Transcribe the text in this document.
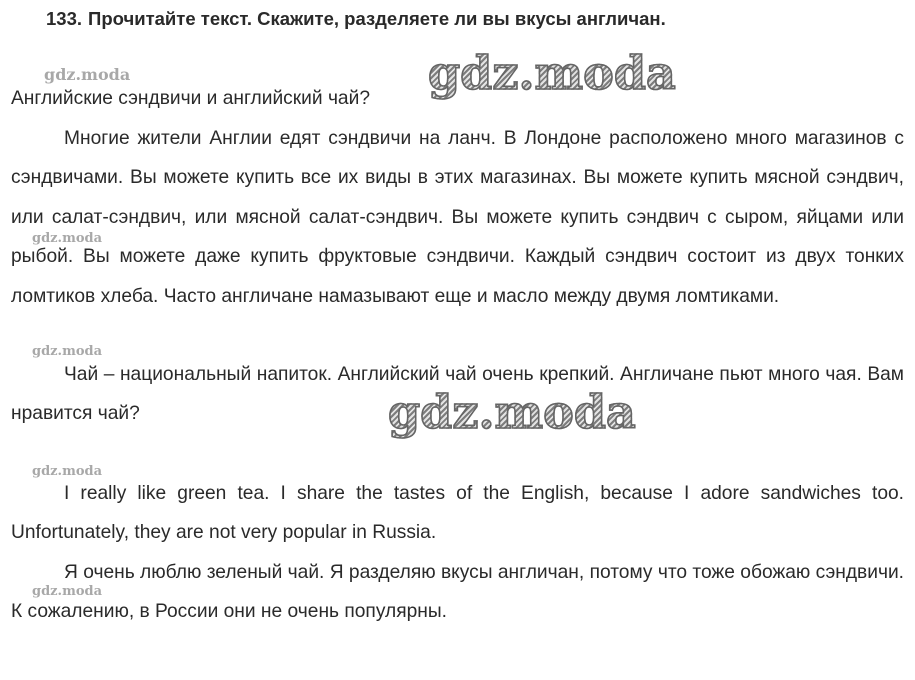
133. Прочитайте текст. Скажите, разделяете ли вы вкусы англичан.
Английские сэндвичи и английский чай?
Многие жители Англии едят сэндвичи на ланч. В Лондоне расположено много магазинов с сэндвичами. Вы можете купить все их виды в этих магазинах. Вы можете купить мясной сэндвич, или салат-сэндвич, или мясной салат-сэндвич. Вы можете купить сэндвич с сыром, яйцами или рыбой. Вы можете даже купить фруктовые сэндвичи. Каждый сэндвич состоит из двух тонких ломтиков хлеба. Часто англичане намазывают еще и масло между двумя ломтиками.
Чай – национальный напиток. Английский чай очень крепкий. Англичане пьют много чая. Вам нравится чай?
I really like green tea. I share the tastes of the English, because I adore sandwiches too. Unfortunately, they are not very popular in Russia.
Я очень люблю зеленый чай. Я разделяю вкусы англичан, потому что тоже обожаю сэндвичи. К сожалению, в России они не очень популярны.
gdz.moda
gdz.moda
gdz.moda
gdz.moda
gdz.moda
gdz.moda
gdz.moda
